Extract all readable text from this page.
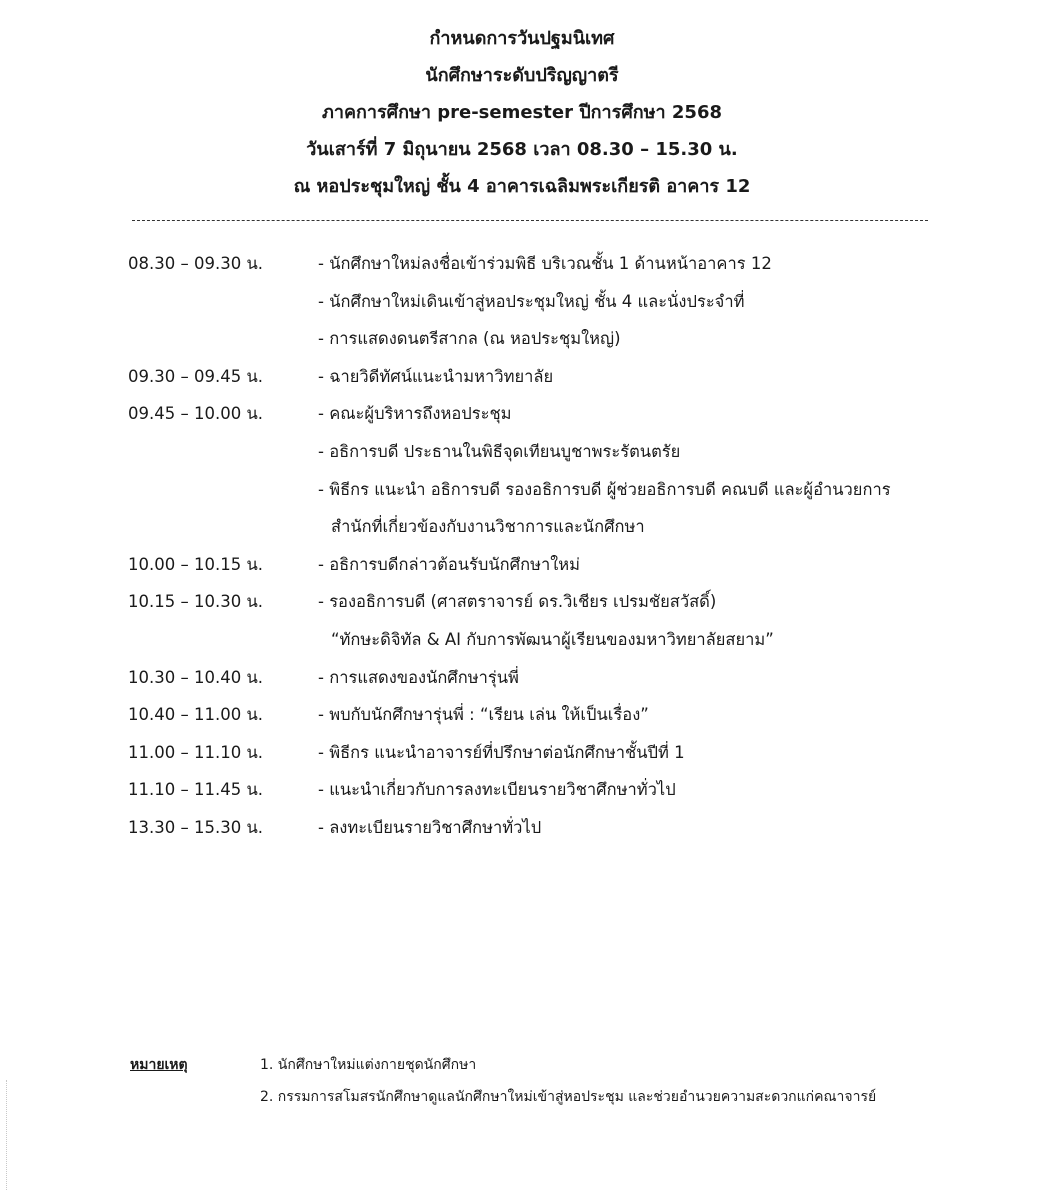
กำหนดการวันปฐมนิเทศ
นักศึกษาระดับปริญญาตรี
ภาคการศึกษา pre-semester ปีการศึกษา 2568
วันเสาร์ที่ 7 มิถุนายน 2568 เวลา 08.30 – 15.30 น.
ณ หอประชุมใหญ่ ชั้น 4 อาคารเฉลิมพระเกียรติ อาคาร 12
08.30 – 09.30 น.	- นักศึกษาใหม่ลงชื่อเข้าร่วมพิธี บริเวณชั้น 1 ด้านหน้าอาคาร 12
- นักศึกษาใหม่เดินเข้าสู่หอประชุมใหญ่ ชั้น 4 และนั่งประจำที่
- การแสดงดนตรีสากล (ณ หอประชุมใหญ่)
09.30 – 09.45 น.	- ฉายวิดีทัศน์แนะนำมหาวิทยาลัย
09.45 – 10.00 น.	- คณะผู้บริหารถึงหอประชุม
- อธิการบดี ประธานในพิธีจุดเทียนบูชาพระรัตนตรัย
- พิธีกร แนะนำ อธิการบดี รองอธิการบดี ผู้ช่วยอธิการบดี คณบดี และผู้อำนวยการ
สำนักที่เกี่ยวข้องกับงานวิชาการและนักศึกษา
10.00 – 10.15 น.	- อธิการบดีกล่าวต้อนรับนักศึกษาใหม่
10.15 – 10.30 น.	- รองอธิการบดี (ศาสตราจารย์ ดร.วิเชียร เปรมชัยสวัสดิ์)
“ทักษะดิจิทัล & AI กับการพัฒนาผู้เรียนของมหาวิทยาลัยสยาม”
10.30 – 10.40 น.	- การแสดงของนักศึกษารุ่นพี่
10.40 – 11.00 น.	- พบกับนักศึกษารุ่นพี่ : “เรียน เล่น ให้เป็นเรื่อง”
11.00 – 11.10 น.	- พิธีกร แนะนำอาจารย์ที่ปรึกษาต่อนักศึกษาชั้นปีที่ 1
11.10 – 11.45 น.	- แนะนำเกี่ยวกับการลงทะเบียนรายวิชาศึกษาทั่วไป
13.30 – 15.30 น.	- ลงทะเบียนรายวิชาศึกษาทั่วไป
หมายเหตุ	1. นักศึกษาใหม่แต่งกายชุดนักศึกษา
2. กรรมการสโมสรนักศึกษาดูแลนักศึกษาใหม่เข้าสู่หอประชุม และช่วยอำนวยความสะดวกแก่คณาจารย์
